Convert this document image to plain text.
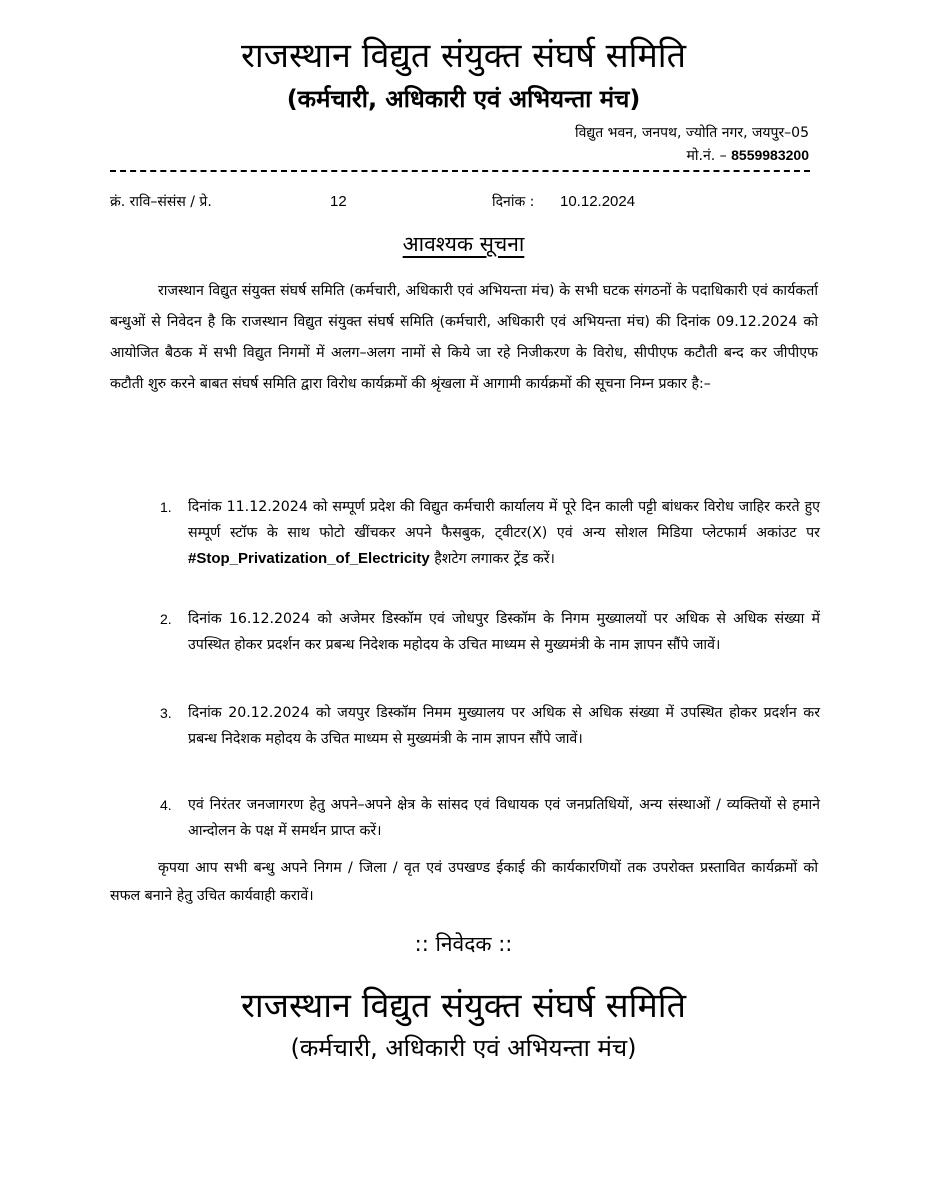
राजस्थान विद्युत संयुक्त संघर्ष समिति
(कर्मचारी, अधिकारी एवं अभियन्ता मंच)
विद्युत भवन, जनपथ, ज्योति नगर, जयपुर–05
मो.नं. – 8559983200
क्रं. रावि–संसंस / प्रे.	12	दिनांक : 10.12.2024
आवश्यक सूचना
राजस्थान विद्युत संयुक्त संघर्ष समिति (कर्मचारी, अधिकारी एवं अभियन्ता मंच) के सभी घटक संगठनों के पदाधिकारी एवं कार्यकर्ता बन्धुओं से निवेदन है कि राजस्थान विद्युत संयुक्त संघर्ष समिति (कर्मचारी, अधिकारी एवं अभियन्ता मंच) की दिनांक 09.12.2024 को आयोजित बैठक में सभी विद्युत निगमों में अलग–अलग नामों से किये जा रहे निजीकरण के विरोध, सीपीएफ कटौती बन्द कर जीपीएफ कटौती शुरु करने बाबत संघर्ष समिति द्वारा विरोध कार्यक्रमों की श्रृंखला में आगामी कार्यक्रमों की सूचना निम्न प्रकार है:–
1. दिनांक 11.12.2024 को सम्पूर्ण प्रदेश की विद्युत कर्मचारी कार्यालय में पूरे दिन काली पट्टी बांधकर विरोध जाहिर करते हुए सम्पूर्ण स्टॉफ के साथ फोटो खींचकर अपने फैसबुक, ट्वीटर(X) एवं अन्य सोशल मिडिया प्लेटफार्म अकांउट पर #Stop_Privatization_of_Electricity हैशटेग लगाकर ट्रेंड करें।
2. दिनांक 16.12.2024 को अजेमर डिस्कॉम एवं जोधपुर डिस्कॉम के निगम मुख्यालयों पर अधिक से अधिक संख्या में उपस्थित होकर प्रदर्शन कर प्रबन्ध निदेशक महोदय के उचित माध्यम से मुख्यमंत्री के नाम ज्ञापन सौंपे जावें।
3. दिनांक 20.12.2024 को जयपुर डिस्कॉम निमम मुख्यालय पर अधिक से अधिक संख्या में उपस्थित होकर प्रदर्शन कर प्रबन्ध निदेशक महोदय के उचित माध्यम से मुख्यमंत्री के नाम ज्ञापन सौंपे जावें।
4. एवं निरंतर जनजागरण हेतु अपने–अपने क्षेत्र के सांसद एवं विधायक एवं जनप्रतिधियों, अन्य संस्थाओं / व्यक्तियों से हमाने आन्दोलन के पक्ष में समर्थन प्राप्त करें।
कृपया आप सभी बन्धु अपने निगम / जिला / वृत एवं उपखण्ड ईकाई की कार्यकारणियों तक उपरोक्त प्रस्तावित कार्यक्रमों को सफल बनाने हेतु उचित कार्यवाही करावें।
:: निवेदक ::
राजस्थान विद्युत संयुक्त संघर्ष समिति
(कर्मचारी, अधिकारी एवं अभियन्ता मंच)
